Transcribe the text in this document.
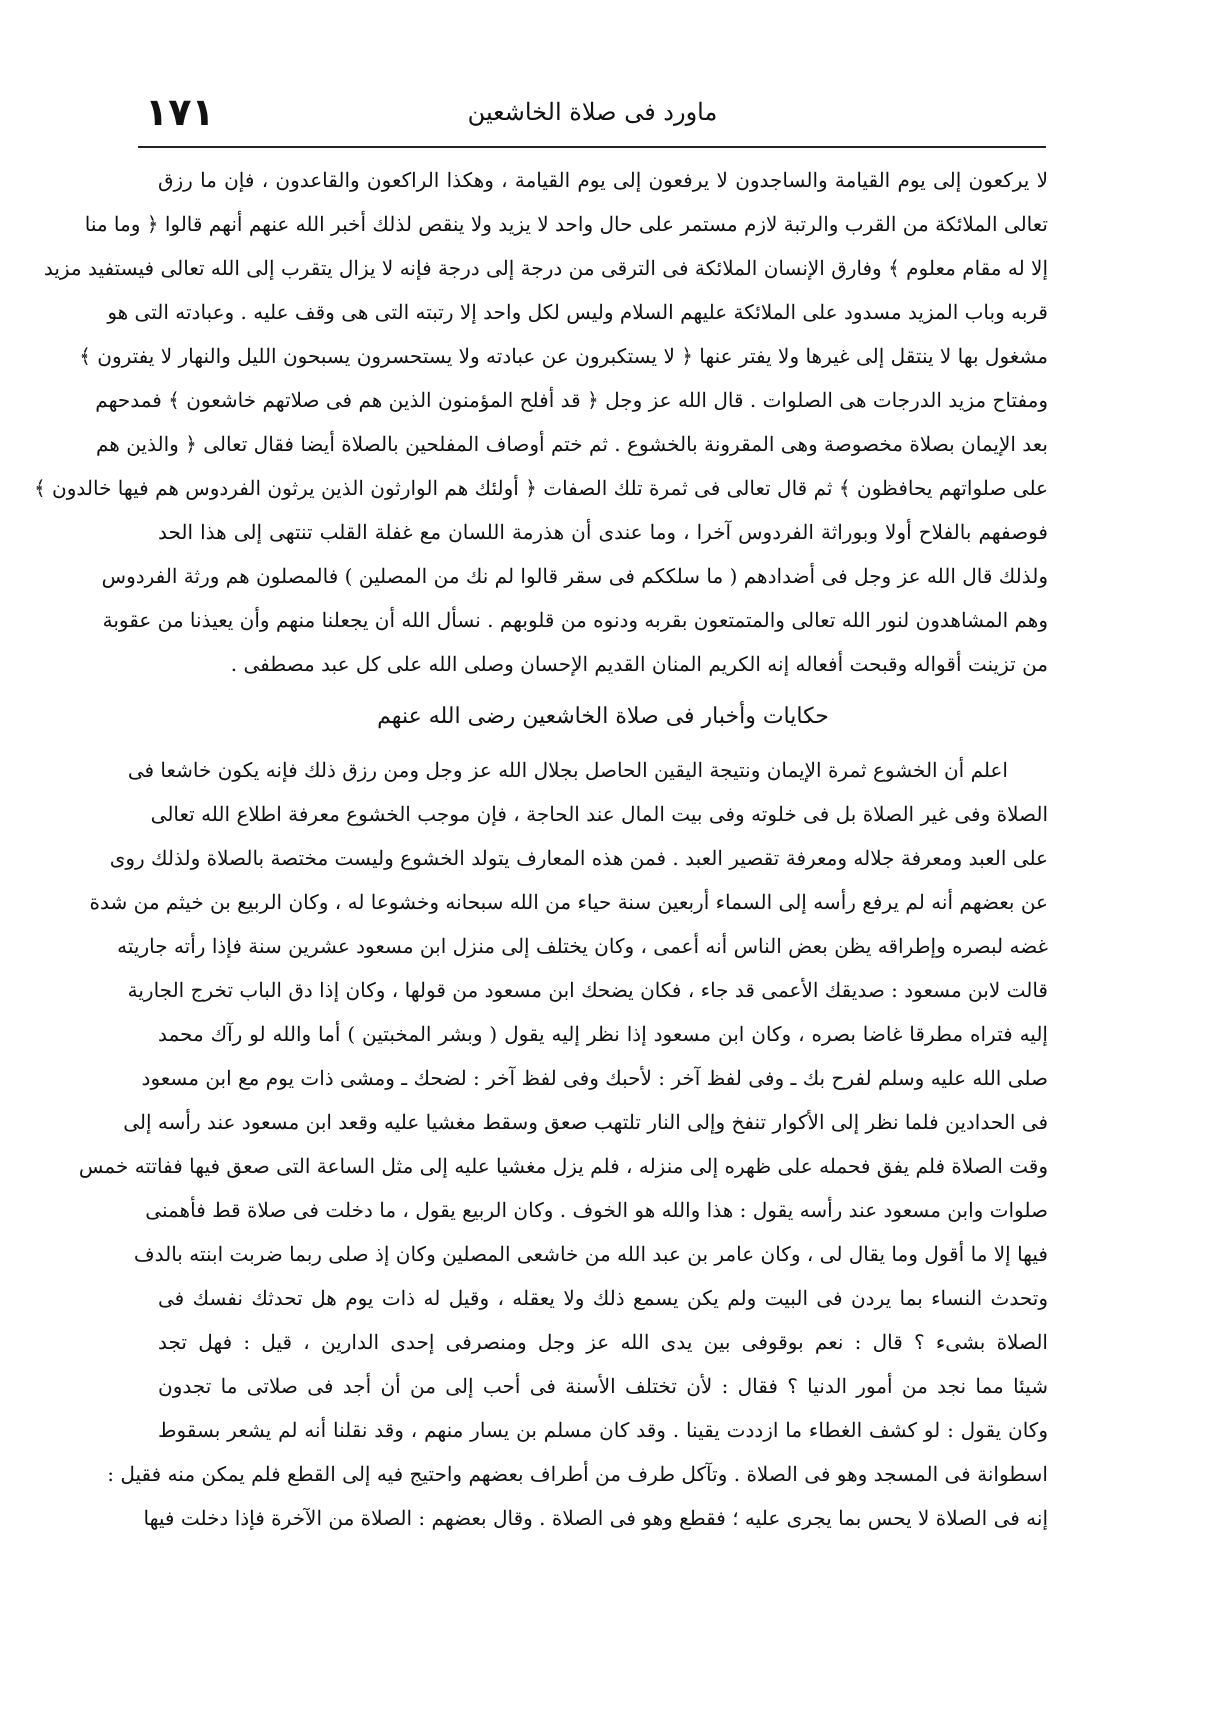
١٧١	ماورد فى صلاة الخاشعين
لا يركعون إلى يوم القيامة والساجدون لا يرفعون إلى يوم القيامة ، وهكذا الراكعون والقاعدون ، فإن ما رزق
تعالى الملائكة من القرب والرتبة لازم مستمر على حال واحد لا يزيد ولا ينقص لذلك أخبر الله عنهم أنهم قالوا ﴿ وما منا
إلا له مقام معلوم ﴾ وفارق الإنسان الملائكة فى الترقى من درجة إلى درجة فإنه لا يزال يتقرب إلى الله تعالى فيستفيد مزيد
قربه وباب المزيد مسدود على الملائكة عليهم السلام وليس لكل واحد إلا رتبته التى هى وقف عليه . وعبادته التى هو
مشغول بها لا ينتقل إلى غيرها ولا يفتر عنها ﴿ لا يستكبرون عن عبادته ولا يستحسرون يسبحون الليل والنهار لا يفترون ﴾
ومفتاح مزيد الدرجات هى الصلوات . قال الله عز وجل ﴿ قد أفلح المؤمنون الذين هم فى صلاتهم خاشعون ﴾ فمدحهم
بعد الإيمان بصلاة مخصوصة وهى المقرونة بالخشوع . ثم ختم أوصاف المفلحين بالصلاة أيضا فقال تعالى ﴿ والذين هم
على صلواتهم يحافظون ﴾ ثم قال تعالى فى ثمرة تلك الصفات ﴿ أولئك هم الوارثون الذين يرثون الفردوس هم فيها خالدون ﴾
فوصفهم بالفلاح أولا وبوراثة الفردوس آخرا ، وما عندى أن هذرمة اللسان مع غفلة القلب تنتهى إلى هذا الحد
ولذلك قال الله عز وجل فى أضدادهم ( ما سلككم فى سقر قالوا لم نك من المصلين ) فالمصلون هم ورثة الفردوس
وهم المشاهدون لنور الله تعالى والمتمتعون بقربه ودنوه من قلوبهم . نسأل الله أن يجعلنا منهم وأن يعيذنا من عقوبة
من تزينت أقواله وقبحت أفعاله إنه الكريم المنان القديم الإحسان وصلى الله على كل عبد مصطفى .
حكايات وأخبار فى صلاة الخاشعين رضى الله عنهم
اعلم أن الخشوع ثمرة الإيمان ونتيجة اليقين الحاصل بجلال الله عز وجل ومن رزق ذلك فإنه يكون خاشعا فى
الصلاة وفى غير الصلاة بل فى خلوته وفى بيت المال عند الحاجة ، فإن موجب الخشوع معرفة اطلاع الله تعالى
على العبد ومعرفة جلاله ومعرفة تقصير العبد . فمن هذه المعارف يتولد الخشوع وليست مختصة بالصلاة ولذلك روى
عن بعضهم أنه لم يرفع رأسه إلى السماء أربعين سنة حياء من الله سبحانه وخشوعا له ، وكان الربيع بن خيثم من شدة
غضه لبصره وإطراقه يظن بعض الناس أنه أعمى ، وكان يختلف إلى منزل ابن مسعود عشرين سنة فإذا رأته جاريته
قالت لابن مسعود : صديقك الأعمى قد جاء ، فكان يضحك ابن مسعود من قولها ، وكان إذا دق الباب تخرج الجارية
إليه فتراه مطرقا غاضا بصره ، وكان ابن مسعود إذا نظر إليه يقول ( وبشر المخبتين ) أما والله لو رآك محمد
صلى الله عليه وسلم لفرح بك ـ وفى لفظ آخر : لأحبك وفى لفظ آخر : لضحك ـ ومشى ذات يوم مع ابن مسعود
فى الحدادين فلما نظر إلى الأكوار تنفخ وإلى النار تلتهب صعق وسقط مغشيا عليه وقعد ابن مسعود عند رأسه إلى
وقت الصلاة فلم يفق فحمله على ظهره إلى منزله ، فلم يزل مغشيا عليه إلى مثل الساعة التى صعق فيها ففاتته خمس
صلوات وابن مسعود عند رأسه يقول : هذا والله هو الخوف . وكان الربيع يقول ، ما دخلت فى صلاة قط فأهمنى
فيها إلا ما أقول وما يقال لى ، وكان عامر بن عبد الله من خاشعى المصلين وكان إذ صلى ربما ضربت ابنته بالدف
وتحدث النساء بما يردن فى البيت ولم يكن يسمع ذلك ولا يعقله ، وقيل له ذات يوم هل تحدثك نفسك فى
الصلاة بشىء ؟ قال : نعم بوقوفى بين يدى الله عز وجل ومنصرفى إحدى الدارين ، قيل : فهل تجد
شيئا مما نجد من أمور الدنيا ؟ فقال : لأن تختلف الأسنة فى أحب إلى من أن أجد فى صلاتى ما تجدون
وكان يقول : لو كشف الغطاء ما ازددت يقينا . وقد كان مسلم بن يسار منهم ، وقد نقلنا أنه لم يشعر بسقوط
اسطوانة فى المسجد وهو فى الصلاة . وتآكل طرف من أطراف بعضهم واحتيج فيه إلى القطع فلم يمكن منه فقيل :
إنه فى الصلاة لا يحس بما يجرى عليه ؛ فقطع وهو فى الصلاة . وقال بعضهم : الصلاة من الآخرة فإذا دخلت فيها
